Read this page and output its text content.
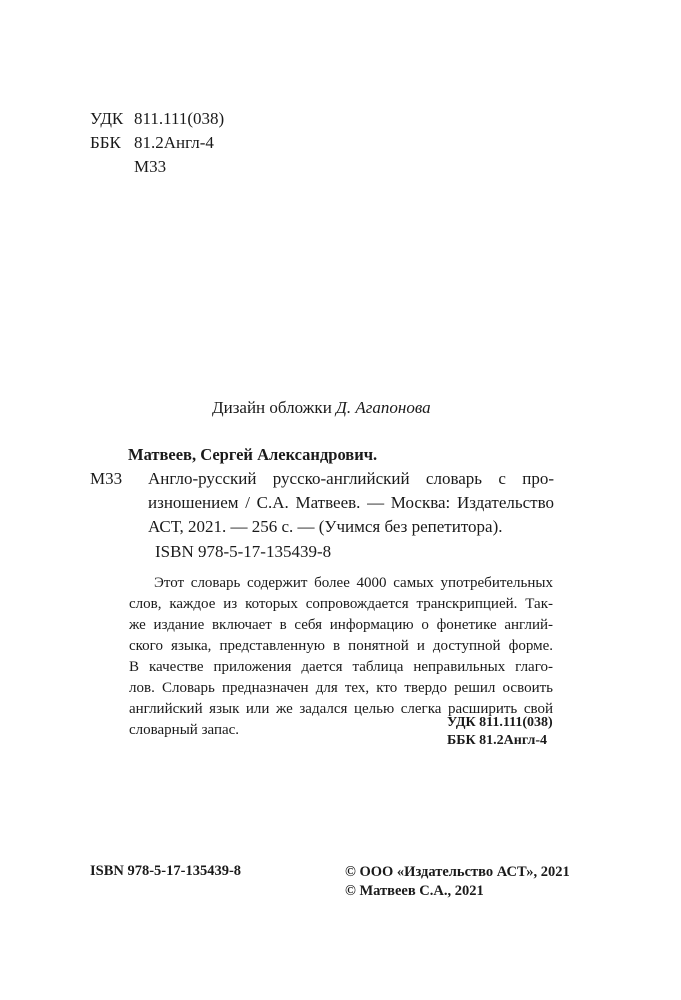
УДК 811.111(038)
ББК 81.2Англ-4
М33
Дизайн обложки Д. Агапонова
Матвеев, Сергей Александрович.
М33 Англо-русский русско-английский словарь с про-
изношением / С.А. Матвеев. — Москва: Издательство
АСТ, 2021. — 256 с. — (Учимся без репетитора).
ISBN 978-5-17-135439-8
Этот словарь содержит более 4000 самых употребительных
слов, каждое из которых сопровождается транскрипцией. Так-
же издание включает в себя информацию о фонетике англий-
ского языка, представленную в понятной и доступной форме.
В качестве приложения дается таблица неправильных глаго-
лов. Словарь предназначен для тех, кто твердо решил освоить
английский язык или же задался целью слегка расширить свой
словарный запас.	УДК 811.111(038)
ББК 81.2Англ-4
ISBN 978-5-17-135439-8	© ООО «Издательство АСТ», 2021
© Матвеев С.А., 2021
